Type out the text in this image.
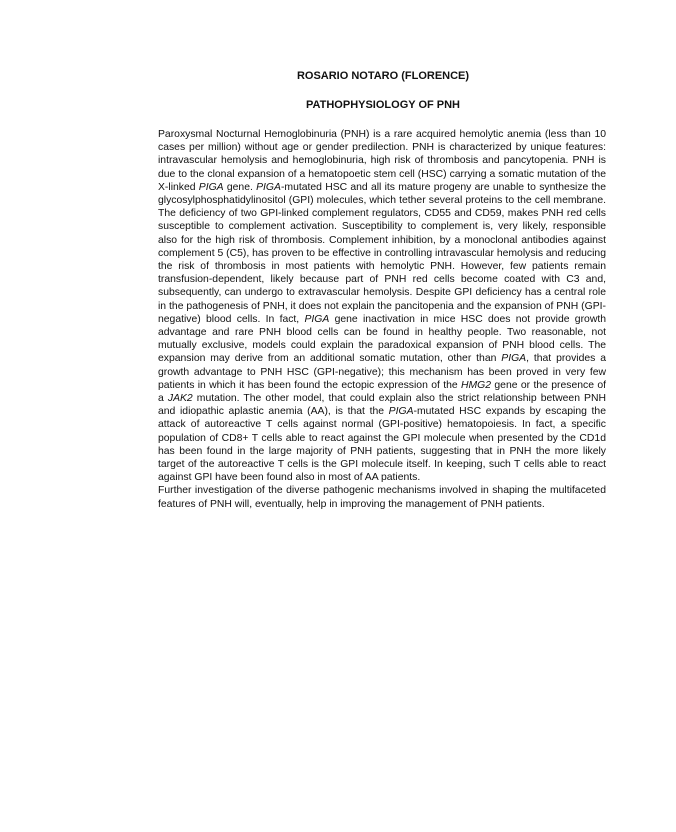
ROSARIO NOTARO (FLORENCE)
PATHOPHYSIOLOGY OF PNH

Paroxysmal Nocturnal Hemoglobinuria (PNH) is a rare acquired hemolytic anemia (less than 10 cases per million) without age or gender predilection. PNH is characterized by unique features: intravascular hemolysis and hemoglobinuria, high risk of thrombosis and pancytopenia. PNH is due to the clonal expansion of a hematopoetic stem cell (HSC) carrying a somatic mutation of the X-linked PIGA gene. PIGA-mutated HSC and all its mature progeny are unable to synthesize the glycosylphosphatidylinositol (GPI) molecules, which tether several proteins to the cell membrane. The deficiency of two GPI-linked complement regulators, CD55 and CD59, makes PNH red cells susceptible to complement activation. Susceptibility to complement is, very likely, responsible also for the high risk of thrombosis. Complement inhibition, by a monoclonal antibodies against complement 5 (C5), has proven to be effective in controlling intravascular hemolysis and reducing the risk of thrombosis in most patients with hemolytic PNH. However, few patients remain transfusion-dependent, likely because part of PNH red cells become coated with C3 and, subsequently, can undergo to extravascular hemolysis. Despite GPI deficiency has a central role in the pathogenesis of PNH, it does not explain the pancitopenia and the expansion of PNH (GPI-negative) blood cells. In fact, PIGA gene inactivation in mice HSC does not provide growth advantage and rare PNH blood cells can be found in healthy people. Two reasonable, not mutually exclusive, models could explain the paradoxical expansion of PNH blood cells. The expansion may derive from an additional somatic mutation, other than PIGA, that provides a growth advantage to PNH HSC (GPI-negative); this mechanism has been proved in very few patients in which it has been found the ectopic expression of the HMG2 gene or the presence of a JAK2 mutation. The other model, that could explain also the strict relationship between PNH and idiopathic aplastic anemia (AA), is that the PIGA-mutated HSC expands by escaping the attack of autoreactive T cells against normal (GPI-positive) hematopoiesis. In fact, a specific population of CD8+ T cells able to react against the GPI molecule when presented by the CD1d has been found in the large majority of PNH patients, suggesting that in PNH the more likely target of the autoreactive T cells is the GPI molecule itself. In keeping, such T cells able to react against GPI have been found also in most of AA patients.

Further investigation of the diverse pathogenic mechanisms involved in shaping the multifaceted features of PNH will, eventually, help in improving the management of PNH patients.
